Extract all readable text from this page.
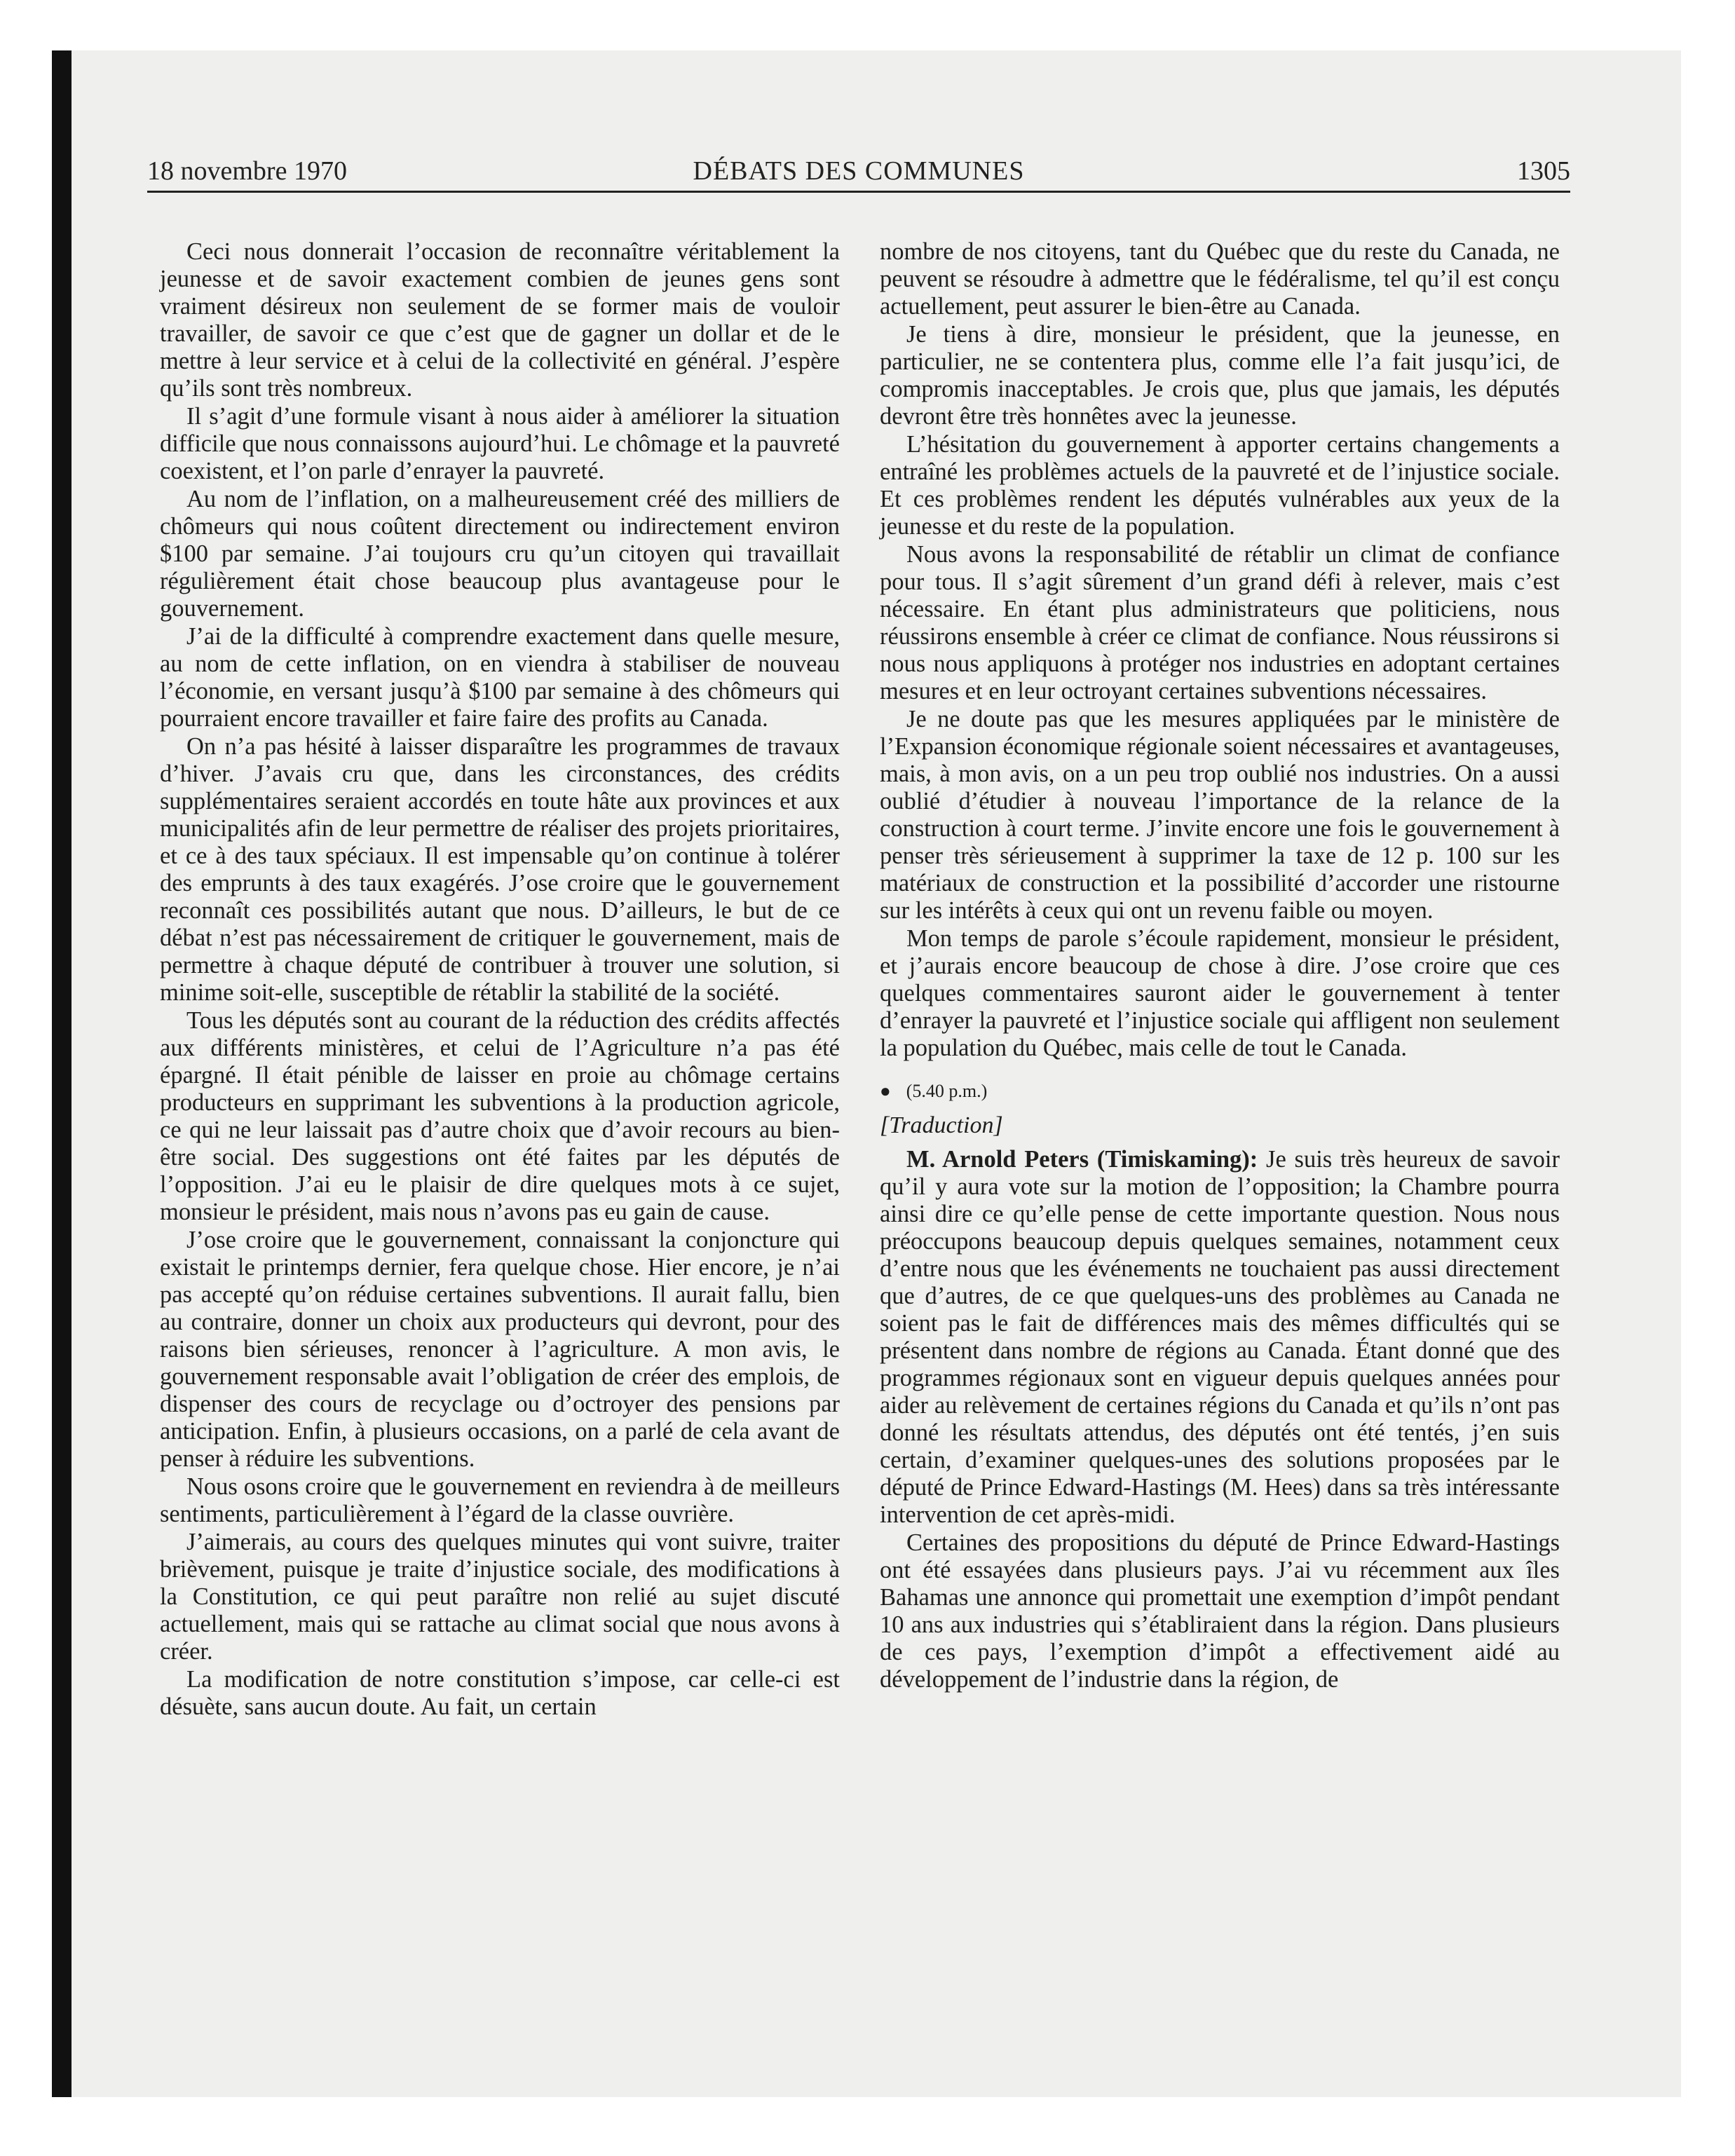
18 novembre 1970	DÉBATS DES COMMUNES	1305

Ceci nous donnerait l’occasion de reconnaître véritablement la jeunesse et de savoir exactement combien de jeunes gens sont vraiment désireux non seulement de se former mais de vouloir travailler, de savoir ce que c’est que de gagner un dollar et de le mettre à leur service et à celui de la collectivité en général. J’espère qu’ils sont très nombreux.

Il s’agit d’une formule visant à nous aider à améliorer la situation difficile que nous connaissons aujourd’hui. Le chômage et la pauvreté coexistent, et l’on parle d’enrayer la pauvreté.

Au nom de l’inflation, on a malheureusement créé des milliers de chômeurs qui nous coûtent directement ou indirectement environ $100 par semaine. J’ai toujours cru qu’un citoyen qui travaillait régulièrement était chose beaucoup plus avantageuse pour le gouvernement.

J’ai de la difficulté à comprendre exactement dans quelle mesure, au nom de cette inflation, on en viendra à stabiliser de nouveau l’économie, en versant jusqu’à $100 par semaine à des chômeurs qui pourraient encore travailler et faire faire des profits au Canada.

On n’a pas hésité à laisser disparaître les programmes de travaux d’hiver. J’avais cru que, dans les circonstances, des crédits supplémentaires seraient accordés en toute hâte aux provinces et aux municipalités afin de leur permettre de réaliser des projets prioritaires, et ce à des taux spéciaux. Il est impensable qu’on continue à tolérer des emprunts à des taux exagérés. J’ose croire que le gouvernement reconnaît ces possibilités autant que nous. D’ailleurs, le but de ce débat n’est pas nécessairement de critiquer le gouvernement, mais de permettre à chaque député de contribuer à trouver une solution, si minime soit-elle, susceptible de rétablir la stabilité de la société.

Tous les députés sont au courant de la réduction des crédits affectés aux différents ministères, et celui de l’Agriculture n’a pas été épargné. Il était pénible de laisser en proie au chômage certains producteurs en supprimant les subventions à la production agricole, ce qui ne leur laissait pas d’autre choix que d’avoir recours au bien-être social. Des suggestions ont été faites par les députés de l’opposition. J’ai eu le plaisir de dire quelques mots à ce sujet, monsieur le président, mais nous n’avons pas eu gain de cause.

J’ose croire que le gouvernement, connaissant la conjoncture qui existait le printemps dernier, fera quelque chose. Hier encore, je n’ai pas accepté qu’on réduise certaines subventions. Il aurait fallu, bien au contraire, donner un choix aux producteurs qui devront, pour des raisons bien sérieuses, renoncer à l’agriculture. A mon avis, le gouvernement responsable avait l’obligation de créer des emplois, de dispenser des cours de recyclage ou d’octroyer des pensions par anticipation. Enfin, à plusieurs occasions, on a parlé de cela avant de penser à réduire les subventions.

Nous osons croire que le gouvernement en reviendra à de meilleurs sentiments, particulièrement à l’égard de la classe ouvrière.

J’aimerais, au cours des quelques minutes qui vont suivre, traiter brièvement, puisque je traite d’injustice sociale, des modifications à la Constitution, ce qui peut paraître non relié au sujet discuté actuellement, mais qui se rattache au climat social que nous avons à créer.

La modification de notre constitution s’impose, car celle-ci est désuète, sans aucun doute. Au fait, un certain

nombre de nos citoyens, tant du Québec que du reste du Canada, ne peuvent se résoudre à admettre que le fédéralisme, tel qu’il est conçu actuellement, peut assurer le bien-être au Canada.

Je tiens à dire, monsieur le président, que la jeunesse, en particulier, ne se contentera plus, comme elle l’a fait jusqu’ici, de compromis inacceptables. Je crois que, plus que jamais, les députés devront être très honnêtes avec la jeunesse.

L’hésitation du gouvernement à apporter certains changements a entraîné les problèmes actuels de la pauvreté et de l’injustice sociale. Et ces problèmes rendent les députés vulnérables aux yeux de la jeunesse et du reste de la population.

Nous avons la responsabilité de rétablir un climat de confiance pour tous. Il s’agit sûrement d’un grand défi à relever, mais c’est nécessaire. En étant plus administrateurs que politiciens, nous réussirons ensemble à créer ce climat de confiance. Nous réussirons si nous nous appliquons à protéger nos industries en adoptant certaines mesures et en leur octroyant certaines subventions nécessaires.

Je ne doute pas que les mesures appliquées par le ministère de l’Expansion économique régionale soient nécessaires et avantageuses, mais, à mon avis, on a un peu trop oublié nos industries. On a aussi oublié d’étudier à nouveau l’importance de la relance de la construction à court terme. J’invite encore une fois le gouvernement à penser très sérieusement à supprimer la taxe de 12 p. 100 sur les matériaux de construction et la possibilité d’accorder une ristourne sur les intérêts à ceux qui ont un revenu faible ou moyen.

Mon temps de parole s’écoule rapidement, monsieur le président, et j’aurais encore beaucoup de chose à dire. J’ose croire que ces quelques commentaires sauront aider le gouvernement à tenter d’enrayer la pauvreté et l’injustice sociale qui affligent non seulement la population du Québec, mais celle de tout le Canada.

● (5.40 p.m.)
[Traduction]

M. Arnold Peters (Timiskaming): Je suis très heureux de savoir qu’il y aura vote sur la motion de l’opposition; la Chambre pourra ainsi dire ce qu’elle pense de cette importante question. Nous nous préoccupons beaucoup depuis quelques semaines, notamment ceux d’entre nous que les événements ne touchaient pas aussi directement que d’autres, de ce que quelques-uns des problèmes au Canada ne soient pas le fait de différences mais des mêmes difficultés qui se présentent dans nombre de régions au Canada. Étant donné que des programmes régionaux sont en vigueur depuis quelques années pour aider au relèvement de certaines régions du Canada et qu’ils n’ont pas donné les résultats attendus, des députés ont été tentés, j’en suis certain, d’examiner quelques-unes des solutions proposées par le député de Prince Edward-Hastings (M. Hees) dans sa très intéressante intervention de cet après-midi.

Certaines des propositions du député de Prince Edward-Hastings ont été essayées dans plusieurs pays. J’ai vu récemment aux îles Bahamas une annonce qui promettait une exemption d’impôt pendant 10 ans aux industries qui s’établiraient dans la région. Dans plusieurs de ces pays, l’exemption d’impôt a effectivement aidé au développement de l’industrie dans la région, de
